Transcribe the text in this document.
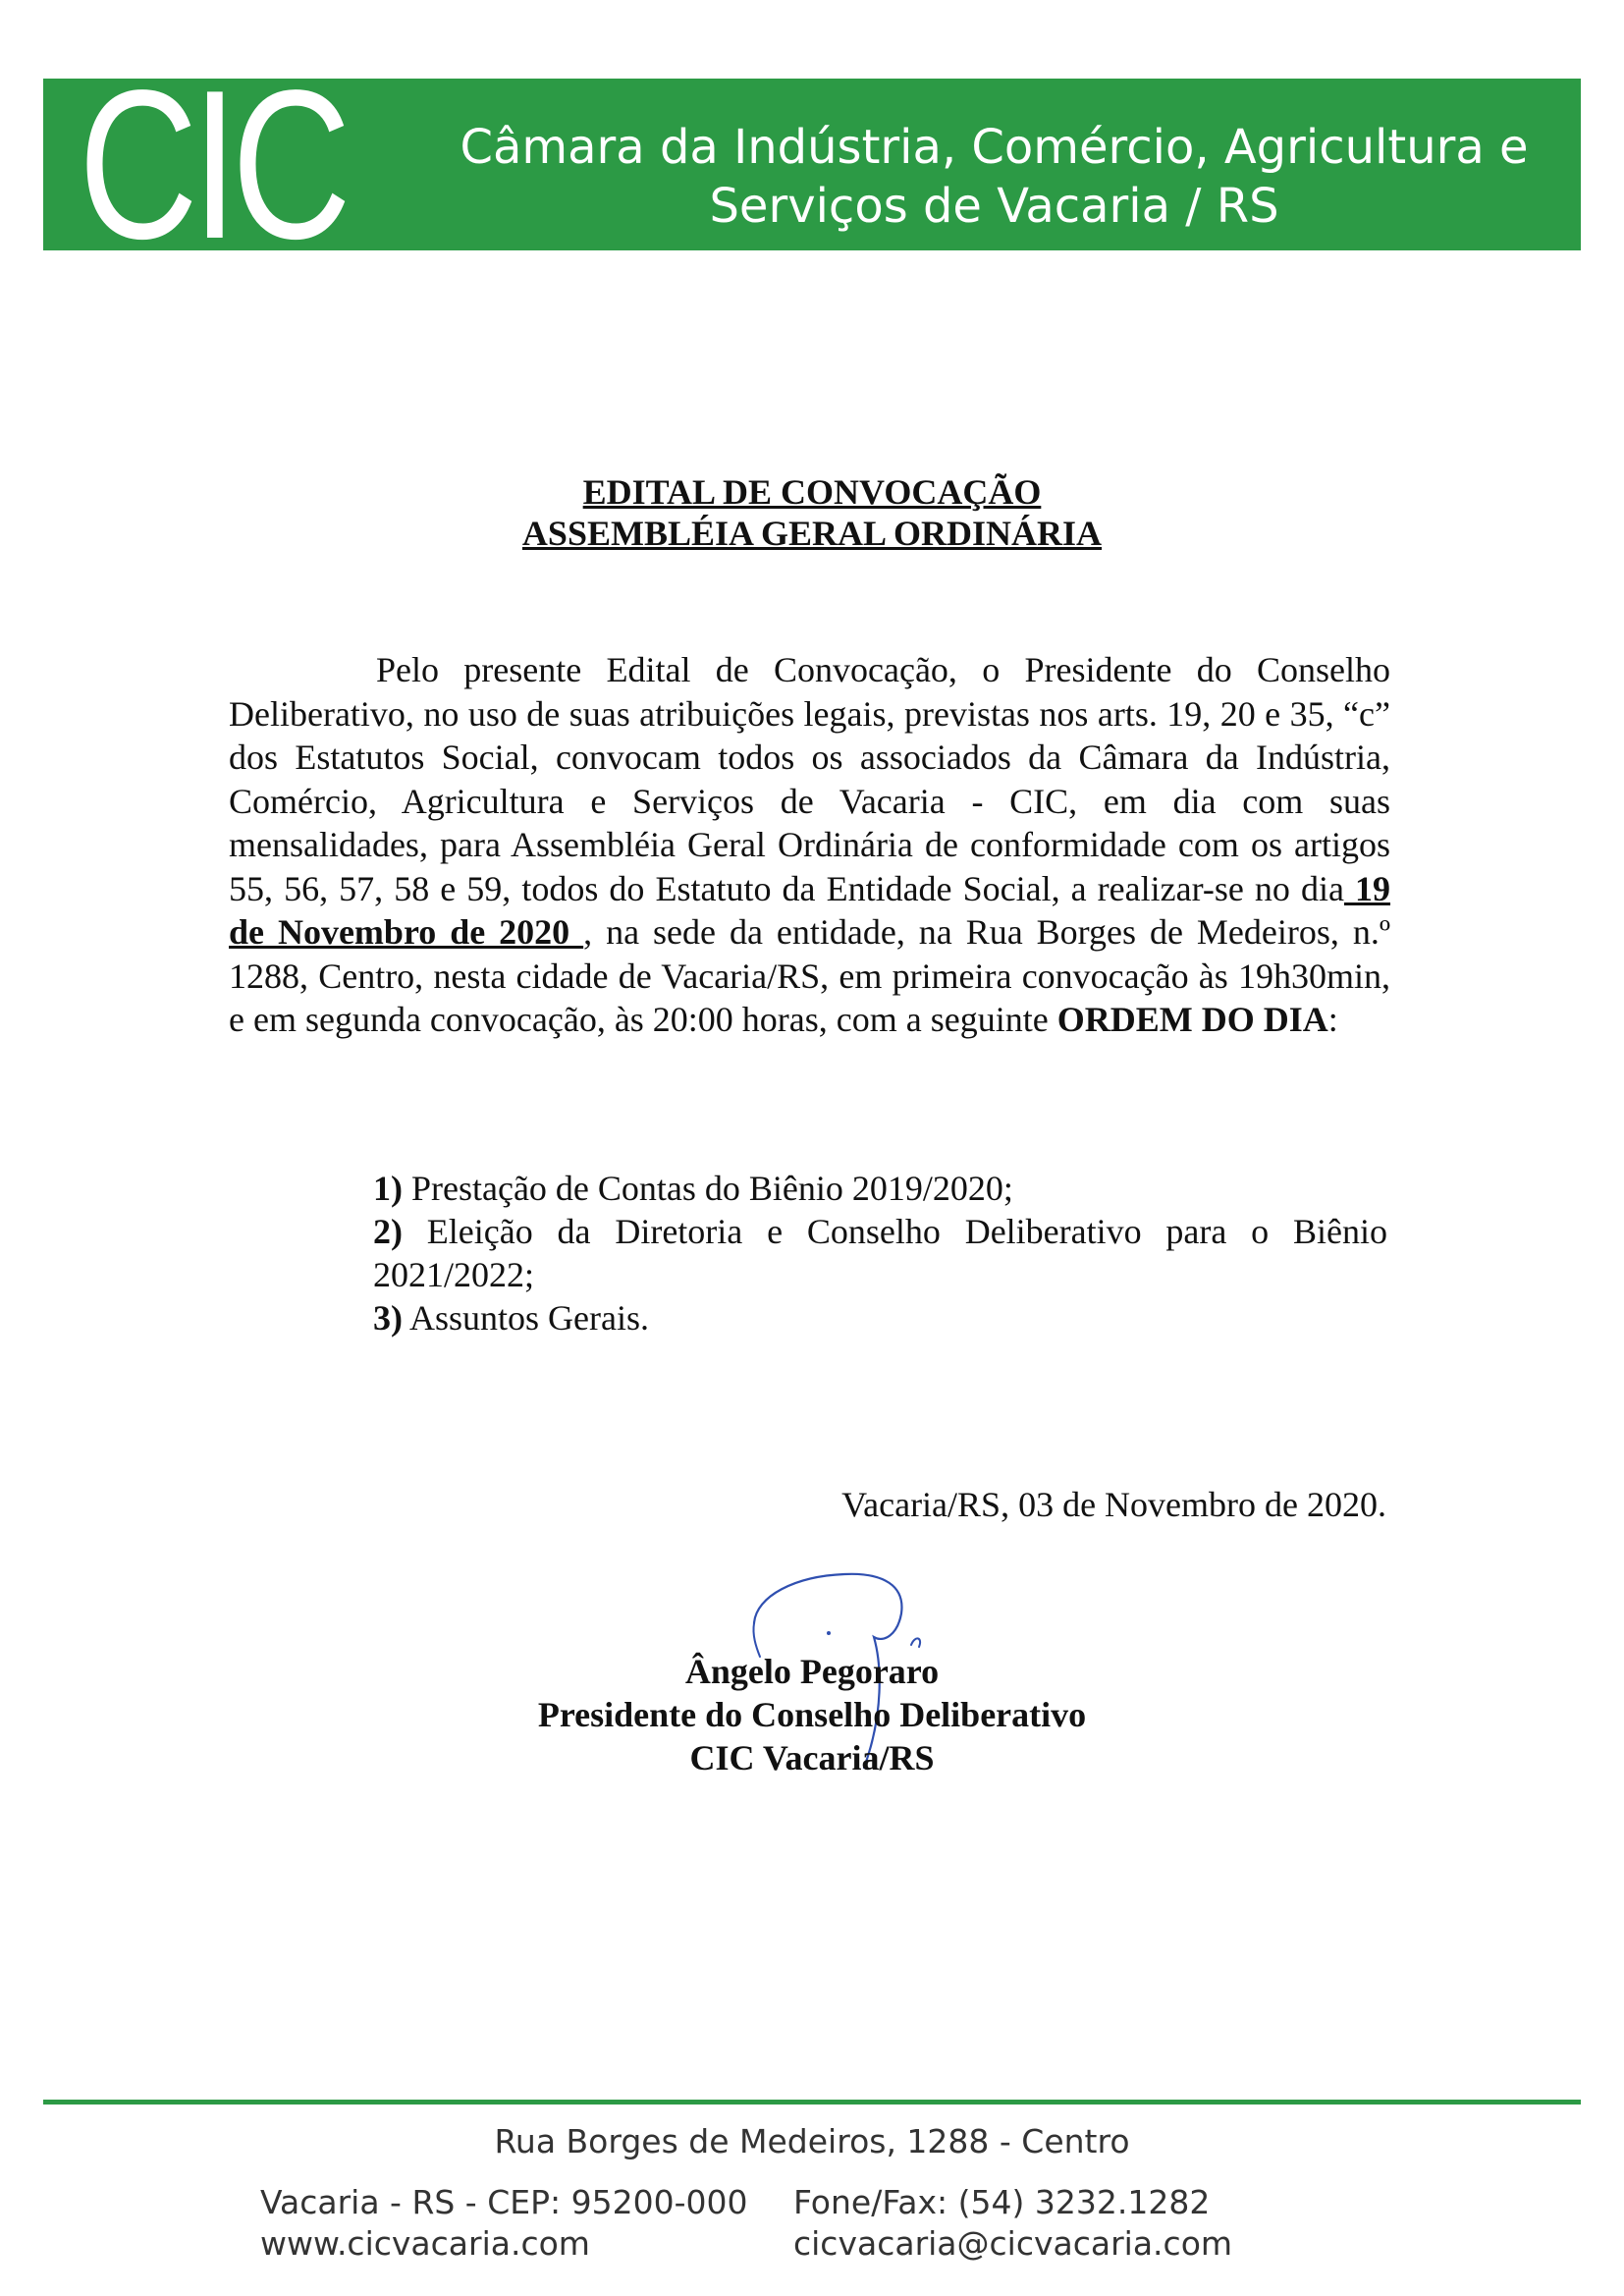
CIC	Câmara da Indústria, Comércio, Agricultura e
Serviços de Vacaria / RS
EDITAL DE CONVOCAÇÃO
ASSEMBLÉIA GERAL ORDINÁRIA

Pelo presente Edital de Convocação, o Presidente do Conselho Deliberativo, no uso de suas atribuições legais, previstas nos arts. 19, 20 e 35, “c” dos Estatutos Social, convocam todos os associados da Câmara da Indústria, Comércio, Agricultura e Serviços de Vacaria - CIC, em dia com suas mensalidades, para Assembléia Geral Ordinária de conformidade com os artigos 55, 56, 57, 58 e 59, todos do Estatuto da Entidade Social, a realizar-se no dia 19 de Novembro de 2020 , na sede da entidade, na Rua Borges de Medeiros, n.º 1288, Centro, nesta cidade de Vacaria/RS, em primeira convocação às 19h30min, e em segunda convocação, às 20:00 horas, com a seguinte ORDEM DO DIA:

1) Prestação de Contas do Biênio 2019/2020;
2) Eleição da Diretoria e Conselho Deliberativo para o Biênio 2021/2022;
3) Assuntos Gerais.
Vacaria/RS, 03 de Novembro de 2020.
Ângelo Pegoraro
Presidente do Conselho Deliberativo
CIC Vacaria/RS
Rua Borges de Medeiros, 1288 - Centro
Vacaria - RS - CEP: 95200-000
www.cicvacaria.com
Fone/Fax: (54) 3232.1282
cicvacaria@cicvacaria.com
